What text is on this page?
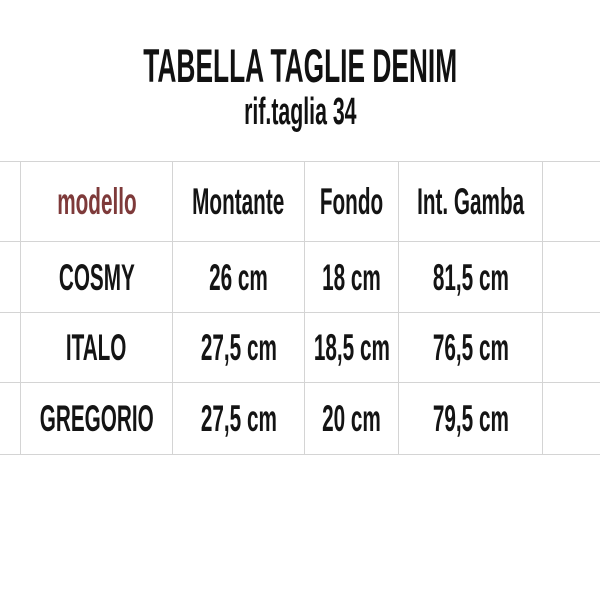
TABELLA TAGLIE DENIM
rif.taglia 34
modello Montante Fondo Int. Gamba
COSMY 26 cm 18 cm 81,5 cm
ITALO 27,5 cm 18,5 cm 76,5 cm
GREGORIO 27,5 cm 20 cm 79,5 cm
